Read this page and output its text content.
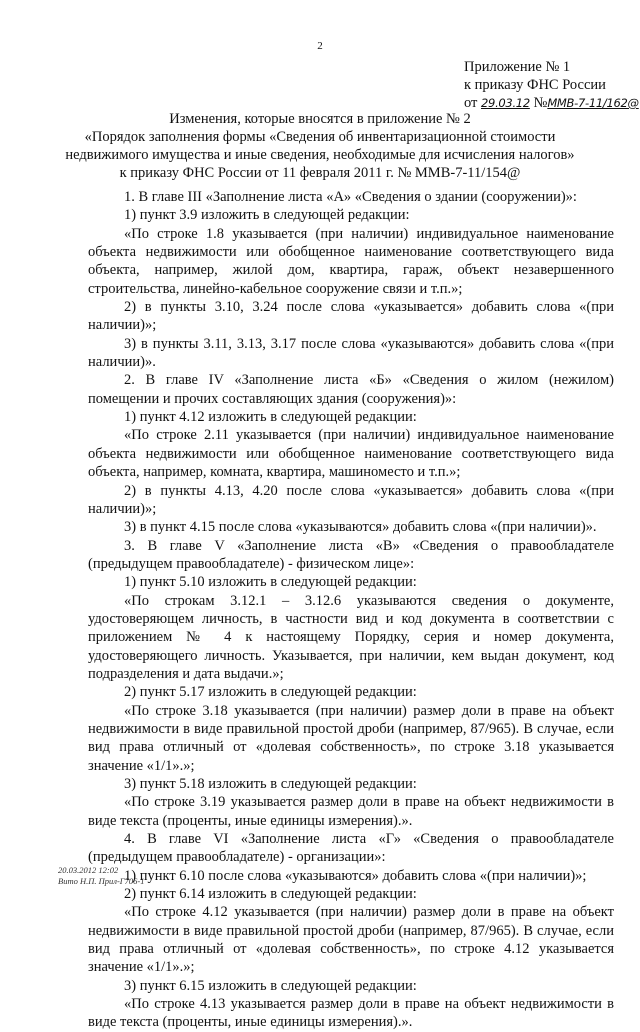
2
Приложение № 1
к приказу ФНС России
от 29.03.12 №ММВ-7-11/162@
Изменения, которые вносятся в приложение № 2
«Порядок заполнения формы «Сведения об инвентаризационной стоимости
недвижимого имущества и иные сведения, необходимые для исчисления налогов»
к приказу ФНС России от 11 февраля 2011 г. № ММВ-7-11/154@

1. В главе III «Заполнение листа «А» «Сведения о здании (сооружении)»:

1) пункт 3.9 изложить в следующей редакции:

«По строке 1.8 указывается (при наличии) индивидуальное наименование объекта недвижимости или обобщенное наименование соответствующего вида объекта, например, жилой дом, квартира, гараж, объект незавершенного строительства, линейно-кабельное сооружение связи и т.п.»;

2) в пункты 3.10, 3.24 после слова «указывается» добавить слова «(при наличии)»;

3) в пункты 3.11, 3.13, 3.17 после слова «указываются» добавить слова «(при наличии)».

2. В главе IV «Заполнение листа «Б» «Сведения о жилом (нежилом) помещении и прочих составляющих здания (сооружения)»:

1) пункт 4.12 изложить в следующей редакции:

«По строке 2.11 указывается (при наличии) индивидуальное наименование объекта недвижимости или обобщенное наименование соответствующего вида объекта, например, комната, квартира, машиноместо и т.п.»;

2) в пункты 4.13, 4.20 после слова «указывается» добавить слова «(при наличии)»;

3) в пункт 4.15 после слова «указываются» добавить слова «(при наличии)».

3. В главе V «Заполнение листа «В» «Сведения о правообладателе (предыдущем правообладателе) - физическом лице»:

1) пункт 5.10 изложить в следующей редакции:

«По строкам 3.12.1 – 3.12.6 указываются сведения о документе, удостоверяющем личность, в частности вид и код документа в соответствии с приложением № 4 к настоящему Порядку, серия и номер документа, удостоверяющего личность. Указывается, при наличии, кем выдан документ, код подразделения и дата выдачи.»;

2) пункт 5.17 изложить в следующей редакции:

«По строке 3.18 указывается (при наличии) размер доли в праве на объект недвижимости в виде правильной простой дроби (например, 87/965). В случае, если вид права отличный от «долевая собственность», по строке 3.18 указывается значение «1/1».»;

3) пункт 5.18 изложить в следующей редакции:

«По строке 3.19 указывается размер доли в праве на объект недвижимости в виде текста (проценты, иные единицы измерения).».

4. В главе VI «Заполнение листа «Г» «Сведения о правообладателе (предыдущем правообладателе) - организации»:

1) пункт 6.10 после слова «указываются» добавить слова «(при наличии)»;

2) пункт 6.14 изложить в следующей редакции:

«По строке 4.12 указывается (при наличии) размер доли в праве на объект недвижимости в виде правильной простой дроби (например, 87/965). В случае, если вид права отличный от «долевая собственность», по строке 4.12 указывается значение «1/1».»;

3) пункт 6.15 изложить в следующей редакции:

«По строке 4.13 указывается размер доли в праве на объект недвижимости в виде текста (проценты, иные единицы измерения).».

20.03.2012 12:02
Вито Н.П. Прил-Г706-1
